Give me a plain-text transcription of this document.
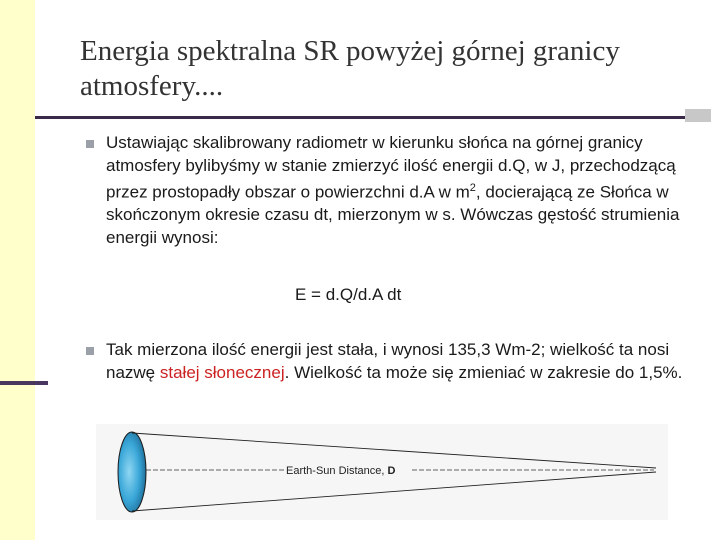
Energia spektralna SR powyżej górnej granicy atmosfery....
Ustawiając skalibrowany radiometr w kierunku słońca na górnej granicy atmosfery bylibyśmy w stanie zmierzyć ilość energii d.Q, w J, przechodzącą przez prostopadły obszar o powierzchni d.A w $m^2$, docierającą ze Słońca w skończonym okresie czasu dt, mierzonym w s. Wówczas gęstość strumienia energii wynosi:
E = d.Q/d.A dt
Tak mierzona ilość energii jest stała, i wynosi 135,3 Wm-2; wielkość ta nosi nazwę stałej słonecznej. Wielkość ta może się zmieniać w zakresie do 1,5%.
Earth-Sun Distance, D
